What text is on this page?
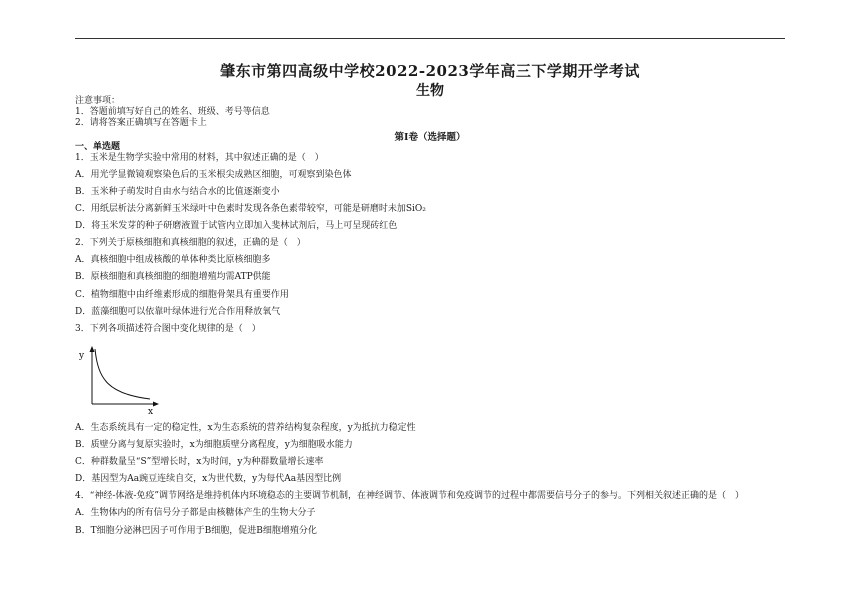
肇东市第四高级中学校2022-2023学年高三下学期开学考试
生物
注意事项：
1．答题前填写好自己的姓名、班级、考号等信息
2．请将答案正确填写在答题卡上
第I卷（选择题）
一、单选题
1．玉米是生物学实验中常用的材料，其中叙述正确的是（　）
A．用光学显微镜观察染色后的玉米根尖成熟区细胞，可观察到染色体
B．玉米种子萌发时自由水与结合水的比值逐渐变小
C．用纸层析法分离新鲜玉米绿叶中色素时发现各条色素带较窄，可能是研磨时未加SiO₂
D．将玉米发芽的种子研磨液置于试管内立即加入斐林试剂后，马上可呈现砖红色
2．下列关于原核细胞和真核细胞的叙述，正确的是（　）
A．真核细胞中组成核酸的单体种类比原核细胞多
B．原核细胞和真核细胞的细胞增殖均需ATP供能
C．植物细胞中由纤维素形成的细胞骨架具有重要作用
D．蓝藻细胞可以依靠叶绿体进行光合作用释放氧气
3．下列各项描述符合图中变化规律的是（　）
y
x
A．生态系统具有一定的稳定性，x为生态系统的营养结构复杂程度，y为抵抗力稳定性
B．质壁分离与复原实验时，x为细胞质壁分离程度，y为细胞吸水能力
C．种群数量呈“S”型增长时，x为时间，y为种群数量增长速率
D．基因型为Aa豌豆连续自交，x为世代数，y为每代Aa基因型比例
4．“神经-体液-免疫”调节网络是维持机体内环境稳态的主要调节机制，在神经调节、体液调节和免疫调节的过程中都需要信号分子的参与。下列相关叙述正确的是（　）
A．生物体内的所有信号分子都是由核糖体产生的生物大分子
B．T细胞分泌淋巴因子可作用于B细胞，促进B细胞增殖分化
